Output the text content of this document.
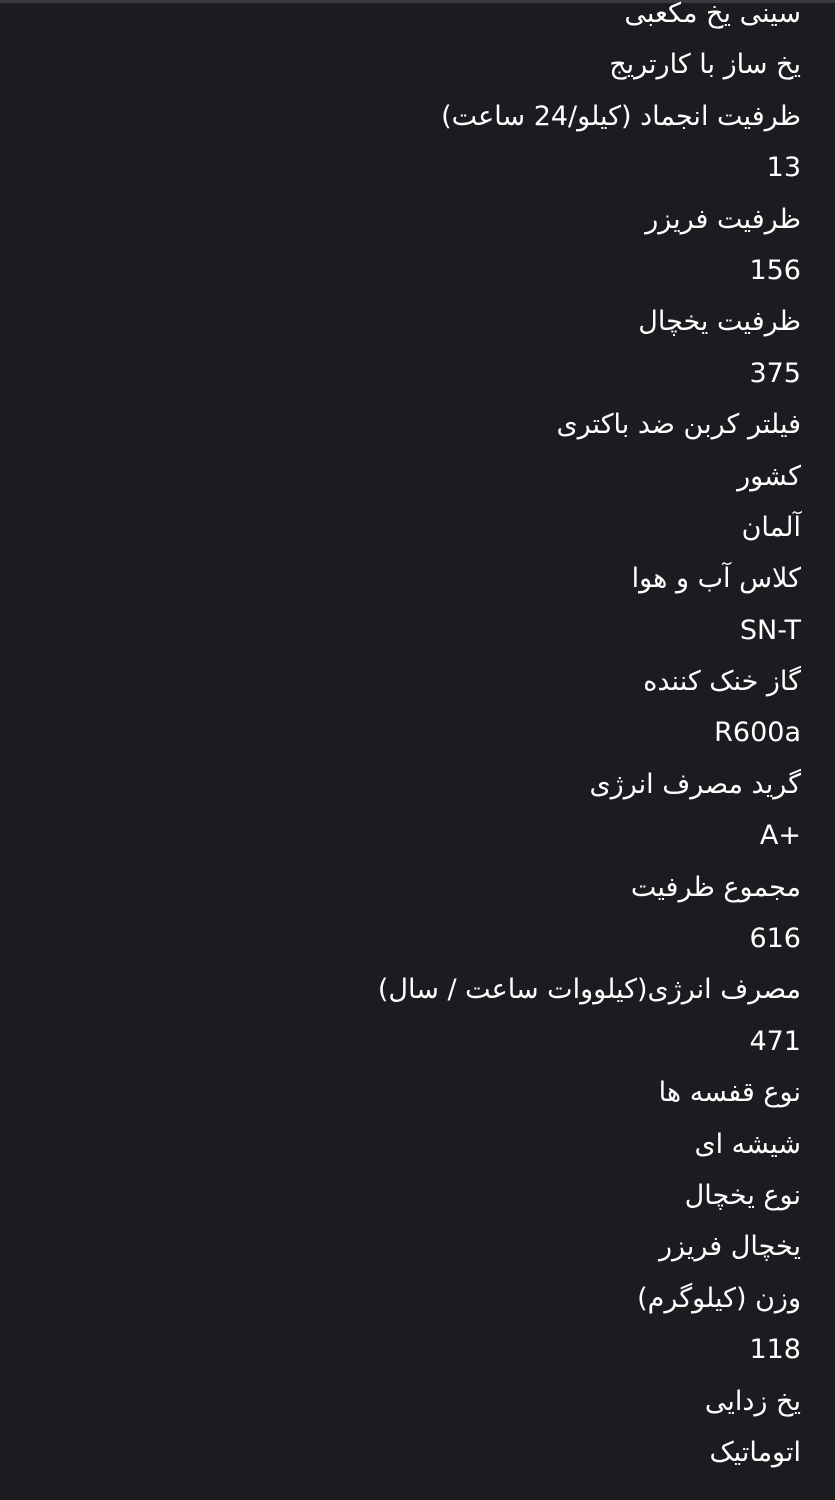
سینی یخ مکعبی
یخ ساز با کارتریج
ظرفیت انجماد (کیلو/24 ساعت)
13
ظرفیت فریزر
156
ظرفیت یخچال
375
فیلتر کربن ضد باکتری
کشور
آلمان
کلاس آب و هوا
SN-T
گاز خنک کننده
R600a
گرید مصرف انرژی
A+
مجموع ظرفیت
616
مصرف انرژی(کیلووات ساعت / سال)
471
نوع قفسه ها
شیشه ای
نوع یخچال
یخچال فریزر
وزن (کیلوگرم)
118
یخ زدایی
اتوماتیک
